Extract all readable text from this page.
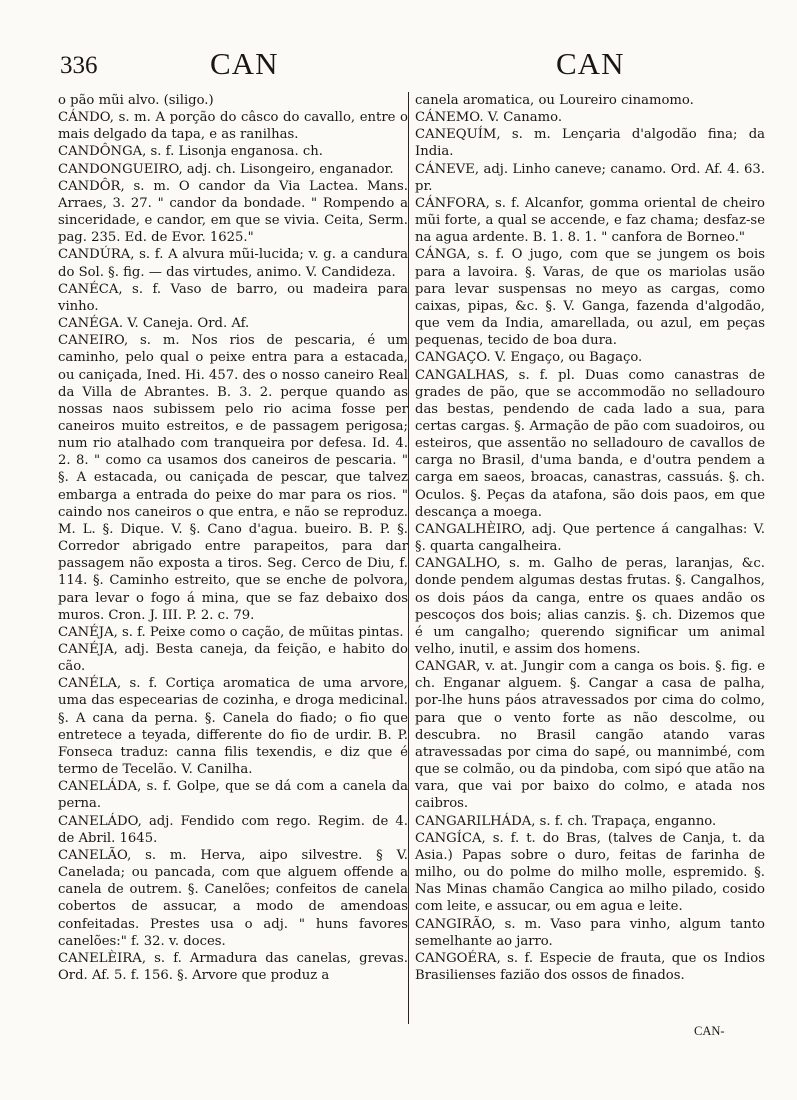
336	CAN	CAN

o pão mũi alvo. (siligo.)

CÁNDO, s. m. A porção do câsco do cavallo, entre o mais delgado da tapa, e as ranilhas.

CANDÔNGA, s. f. Lisonja enganosa. ch.

CANDONGUEIRO, adj. ch. Lisongeiro, enganador.

CANDÔR, s. m. O candor da Via Lactea. Mans. Arraes, 3. 27. " candor da bondade. " Rompendo a sinceridade, e candor, em que se vivia. Ceita, Serm. pag. 235. Ed. de Evor. 1625."

CANDÚRA, s. f. A alvura mũi-lucida; v. g. a candura do Sol. §. fig. — das virtudes, animo. V. Candideza.

CANÉCA, s. f. Vaso de barro, ou madeira para vinho.

CANÉGA. V. Caneja. Ord. Af.

CANEIRO, s. m. Nos rios de pescaria, é um caminho, pelo qual o peixe entra para a estacada, ou caniçada, Ined. Hi. 457. des o nosso caneiro Real da Villa de Abrantes. B. 3. 2. perque quando as nossas naos subissem pelo rio acima fosse per caneiros muito estreitos, e de passagem perigosa; num rio atalhado com tranqueira por defesa. Id. 4. 2. 8. " como ca usamos dos caneiros de pescaria. " §. A estacada, ou caniçada de pescar, que talvez embarga a entrada do peixe do mar para os rios. " caindo nos caneiros o que entra, e não se reproduz. M. L. §. Dique. V. §. Cano d'agua. bueiro. B. P. §. Corredor abrigado entre parapeitos, para dar passagem não exposta a tiros. Seg. Cerco de Diu, f. 114. §. Caminho estreito, que se enche de polvora, para levar o fogo á mina, que se faz debaixo dos muros. Cron. J. III. P. 2. c. 79.

CANÉJA, s. f. Peixe como o cação, de mũitas pintas.

CANÉJA, adj. Besta caneja, da feição, e habito do cão.

CANÉLA, s. f. Cortiça aromatica de uma arvore, uma das especearias de cozinha, e droga medicinal. §. A cana da perna. §. Canela do fiado; o fio que entretece a teyada, differente do fio de urdir. B. P. Fonseca traduz: canna filis texendis, e diz que é termo de Tecelão. V. Canilha.

CANELÁDA, s. f. Golpe, que se dá com a canela da perna.

CANELÁDO, adj. Fendido com rego. Regim. de 4. de Abril. 1645.

CANELÃO, s. m. Herva, aipo silvestre. § V. Canelada; ou pancada, com que alguem offende a canela de outrem. §. Canelões; confeitos de canela cobertos de assucar, a modo de amendoas confeitadas. Prestes usa o adj. " huns favores canelões:" f. 32. v. doces.

CANELÈIRA, s. f. Armadura das canelas, grevas. Ord. Af. 5. f. 156. §. Arvore que produz a

canela aromatica, ou Loureiro cinamomo.

CÁNEMO. V. Canamo.

CANEQUÍM, s. m. Lençaria d'algodão fina; da India.

CÁNEVE, adj. Linho caneve; canamo. Ord. Af. 4. 63. pr.

CÁNFORA, s. f. Alcanfor, gomma oriental de cheiro mũi forte, a qual se accende, e faz chama; desfaz-se na agua ardente. B. 1. 8. 1. " canfora de Borneo."

CÁNGA, s. f. O jugo, com que se jungem os bois para a lavoira. §. Varas, de que os mariolas usão para levar suspensas no meyo as cargas, como caixas, pipas, &c. §. V. Ganga, fazenda d'algodão, que vem da India, amarellada, ou azul, em peças pequenas, tecido de boa dura.

CANGAÇO. V. Engaço, ou Bagaço.

CANGALHAS, s. f. pl. Duas como canastras de grades de pão, que se accommodão no selladouro das bestas, pendendo de cada lado a sua, para certas cargas. §. Armação de pão com suadoiros, ou esteiros, que assentão no selladouro de cavallos de carga no Brasil, d'uma banda, e d'outra pendem a carga em saeos, broacas, canastras, cassuás. §. ch. Oculos. §. Peças da atafona, são dois paos, em que descança a moega.

CANGALHÈIRO, adj. Que pertence á cangalhas: V. §. quarta cangalheira.

CANGALHO, s. m. Galho de peras, laranjas, &c. donde pendem algumas destas frutas. §. Cangalhos, os dois páos da canga, entre os quaes andão os pescoços dos bois; alias canzis. §. ch. Dizemos que é um cangalho; querendo significar um animal velho, inutil, e assim dos homens.

CANGAR, v. at. Jungir com a canga os bois. §. fig. e ch. Enganar alguem. §. Cangar a casa de palha, por-lhe huns páos atravessados por cima do colmo, para que o vento forte as não descolme, ou descubra. no Brasil cangão atando varas atravessadas por cima do sapé, ou mannimbé, com que se colmão, ou da pindoba, com sipó que atão na vara, que vai por baixo do colmo, e atada nos caibros.

CANGARILHÁDA, s. f. ch. Trapaça, enganno.

CANGÍCA, s. f. t. do Bras, (talves de Canja, t. da Asia.) Papas sobre o duro, feitas de farinha de milho, ou do polme do milho molle, espremido. §. Nas Minas chamão Cangica ao milho pilado, cosido com leite, e assucar, ou em agua e leite.

CANGIRÃO, s. m. Vaso para vinho, algum tanto semelhante ao jarro.

CANGOÉRA, s. f. Especie de frauta, que os Indios Brasilienses fazião dos ossos de finados.

CAN-
